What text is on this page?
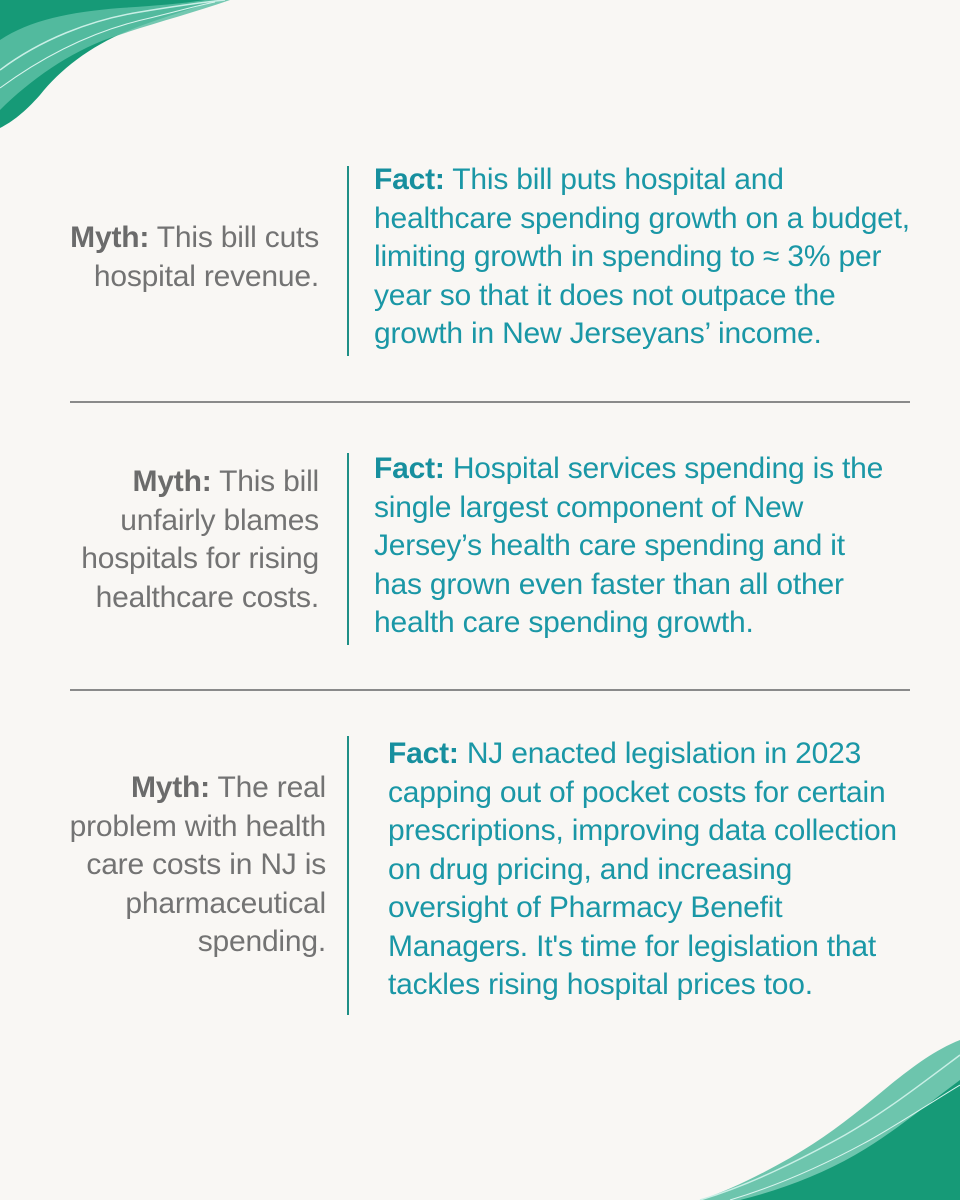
Myth: This bill cuts
hospital revenue.
Fact: This bill puts hospital and
healthcare spending growth on a budget,
limiting growth in spending to ≈ 3% per
year so that it does not outpace the
growth in New Jerseyans’ income.
Myth: This bill
unfairly blames
hospitals for rising
healthcare costs.
Fact: Hospital services spending is the
single largest component of New
Jersey’s health care spending and it
has grown even faster than all other
health care spending growth.
Myth: The real
problem with health
care costs in NJ is
pharmaceutical
spending.
Fact: NJ enacted legislation in 2023
capping out of pocket costs for certain
prescriptions, improving data collection
on drug pricing, and increasing
oversight of Pharmacy Benefit
Managers. It's time for legislation that
tackles rising hospital prices too.
